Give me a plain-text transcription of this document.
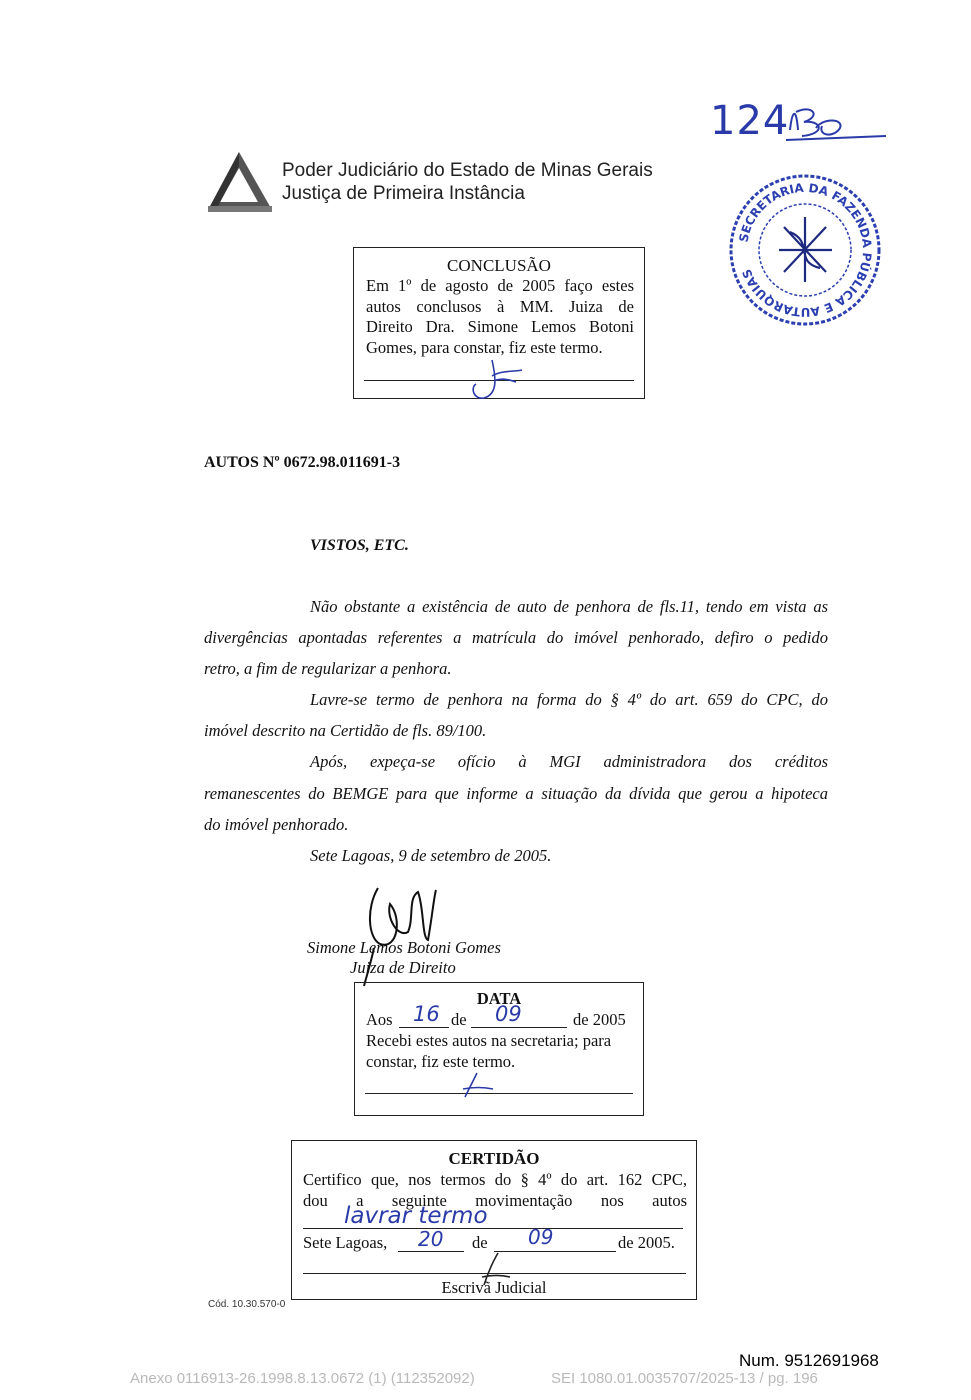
124
Poder Judiciário do Estado de Minas Gerais
Justiça de Primeira Instância
SECRETARIA DA FAZENDA PÚBLICA E AUTARQUIAS
CONCLUSÃO
Em 1º de agosto de 2005 faço estes
autos conclusos à MM. Juiza de
Direito Dra. Simone Lemos Botoni
Gomes, para constar, fiz este termo.
AUTOS Nº 0672.98.011691-3
VISTOS, ETC.
Não obstante a existência de auto de penhora de fls.11, tendo em vista as
divergências apontadas referentes a matrícula do imóvel penhorado, defiro o pedido
retro, a fim de regularizar a penhora.
Lavre-se termo de penhora na forma do § 4º do art. 659 do CPC, do
imóvel descrito na Certidão de fls. 89/100.
Após, expeça-se ofício à MGI administradora dos créditos
remanescentes do BEMGE para que informe a situação da dívida que gerou a hipoteca
do imóvel penhorado.
Sete Lagoas, 9 de setembro de 2005.
Simone Lemos Botoni Gomes
Juiza de Direito
DATA
Aos 16 de 09	de 2005
Recebi estes autos na secretaria; para
constar, fiz este termo.
CERTIDÃO
Certifico que, nos termos do § 4º do art. 162 CPC,
dou a seguinte movimentação nos autos
lavrar termo
Sete Lagoas, 20 de 09	de 2005.
Escrivã Judicial
Cód. 10.30.570-0
Num. 9512691968
Anexo 0116913-26.1998.8.13.0672 (1) (112352092)	SEI 1080.01.0035707/2025-13 / pg. 196
